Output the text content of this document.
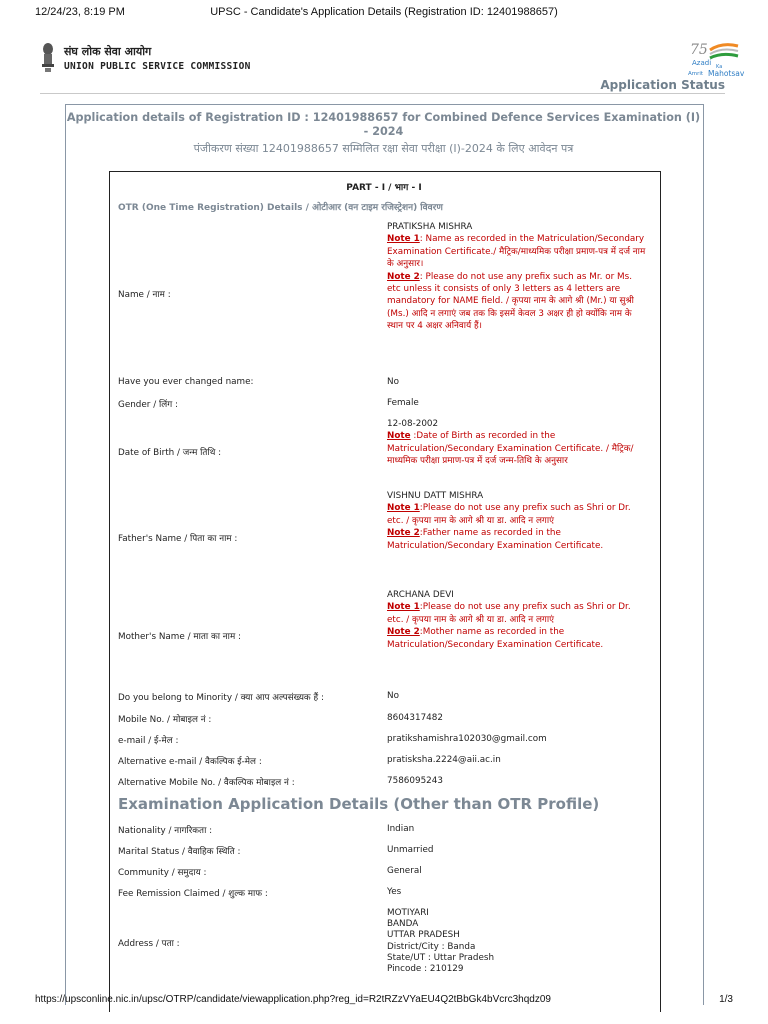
12/24/23, 8:19 PM	UPSC - Candidate's Application Details (Registration ID: 12401988657)
संघ लोक सेवा आयोग
UNION PUBLIC SERVICE COMMISSION
75
Azadi Ka
Amrit Mahotsav
Application Status
Application details of Registration ID : 12401988657 for Combined Defence Services Examination (I) - 2024
पंजीकरण संख्या 12401988657 सम्मिलित रक्षा सेवा परीक्षा (I)-2024 के लिए आवेदन पत्र
PART - I / भाग - I
OTR (One Time Registration) Details / ओटीआर (वन टाइम रजिस्ट्रेशन) विवरण
Name / नाम :
PRATIKSHA MISHRA
Note 1: Name as recorded in the Matriculation/Secondary Examination Certificate./ मैट्रिक/माध्यमिक परीक्षा प्रमाण-पत्र में दर्ज नाम के अनुसार।
Note 2: Please do not use any prefix such as Mr. or Ms. etc unless it consists of only 3 letters as 4 letters are mandatory for NAME field. / कृपया नाम के आगे श्री (Mr.) या सुश्री (Ms.) आदि न लगाएं जब तक कि इसमें केवल 3 अक्षर ही हो क्योंकि नाम के स्थान पर 4 अक्षर अनिवार्य हैं।
Have you ever changed name:	No
Gender / लिंग :	Female
Date of Birth / जन्म तिथि :
12-08-2002
Note :Date of Birth as recorded in the Matriculation/Secondary Examination Certificate. / मैट्रिक/माध्यमिक परीक्षा प्रमाण-पत्र में दर्ज जन्म-तिथि के अनुसार
Father's Name / पिता का नाम :
VISHNU DATT MISHRA
Note 1:Please do not use any prefix such as Shri or Dr. etc. / कृपया नाम के आगे श्री या डा. आदि न लगाएं
Note 2:Father name as recorded in the Matriculation/Secondary Examination Certificate.
Mother's Name / माता का नाम :
ARCHANA DEVI
Note 1:Please do not use any prefix such as Shri or Dr. etc. / कृपया नाम के आगे श्री या डा. आदि न लगाएं
Note 2:Mother name as recorded in the Matriculation/Secondary Examination Certificate.
Do you belong to Minority / क्या आप अल्पसंख्यक हैं :	No
Mobile No. / मोबाइल नं :	8604317482
e-mail / ई-मेल :	pratikshamishra102030@gmail.com
Alternative e-mail / वैकल्पिक ई-मेल :	pratisksha.2224@aii.ac.in
Alternative Mobile No. / वैकल्पिक मोबाइल नं :	7586095243
Examination Application Details (Other than OTR Profile)
Nationality / नागरिकता :	Indian
Marital Status / वैवाहिक स्थिति :	Unmarried
Community / समुदाय :	General
Fee Remission Claimed / शुल्क माफ :	Yes
Address / पता :
MOTIYARI
BANDA
UTTAR PRADESH
District/City : Banda
State/UT : Uttar Pradesh
Pincode : 210129
https://upsconline.nic.in/upsc/OTRP/candidate/viewapplication.php?reg_id=R2tRZzVYaEU4Q2tBbGk4bVcrc3hqdz09	1/3
